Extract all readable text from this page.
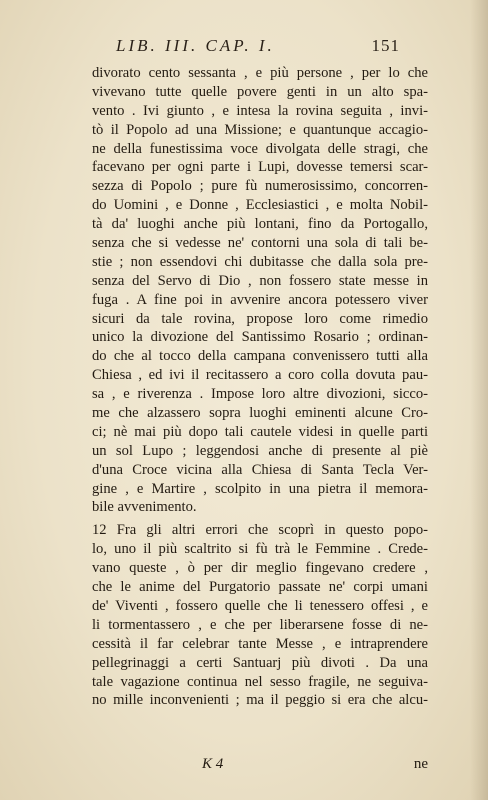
LIB. III. CAP. I.	151
divorato cento sessanta , e più persone , per lo che
vivevano tutte quelle povere genti in un alto spa-
vento . Ivi giunto , e intesa la rovina seguita , invi-
tò il Popolo ad una Missione; e quantunque accagio-
ne della funestissima voce divolgata delle stragi, che
facevano per ogni parte i Lupi, dovesse temersi scar-
sezza di Popolo ; pure fù numerosissimo, concorren-
do Uomini , e Donne , Ecclesiastici , e molta Nobil-
tà da' luoghi anche più lontani, fino da Portogallo,
senza che si vedesse ne' contorni una sola di tali be-
stie ; non essendovi chi dubitasse che dalla sola pre-
senza del Servo di Dio , non fossero state messe in
fuga . A fine poi in avvenire ancora potessero viver
sicuri da tale rovina, propose loro come rimedio
unico la divozione del Santissimo Rosario ; ordinan-
do che al tocco della campana convenissero tutti alla
Chiesa , ed ivi il recitassero a coro colla dovuta pau-
sa , e riverenza . Impose loro altre divozioni, sicco-
me che alzassero sopra luoghi eminenti alcune Cro-
ci; nè mai più dopo tali cautele videsi in quelle parti
un sol Lupo ; leggendosi anche di presente al piè
d'una Croce vicina alla Chiesa di Santa Tecla Ver-
gine , e Martire , scolpito in una pietra il memora-
bile avvenimento.
12 Fra gli altri errori che scoprì in questo popo-
lo, uno il più scaltrito si fù trà le Femmine . Crede-
vano queste , ò per dir meglio fingevano credere ,
che le anime del Purgatorio passate ne' corpi umani
de' Viventi , fossero quelle che li tenessero offesi , e
li tormentassero , e che per liberarsene fosse di ne-
cessità il far celebrar tante Messe , e intraprendere
pellegrinaggi a certi Santuarj più divoti . Da una
tale vagazione continua nel sesso fragile, ne seguiva-
no mille inconvenienti ; ma il peggio si era che alcu-
K 4	ne
